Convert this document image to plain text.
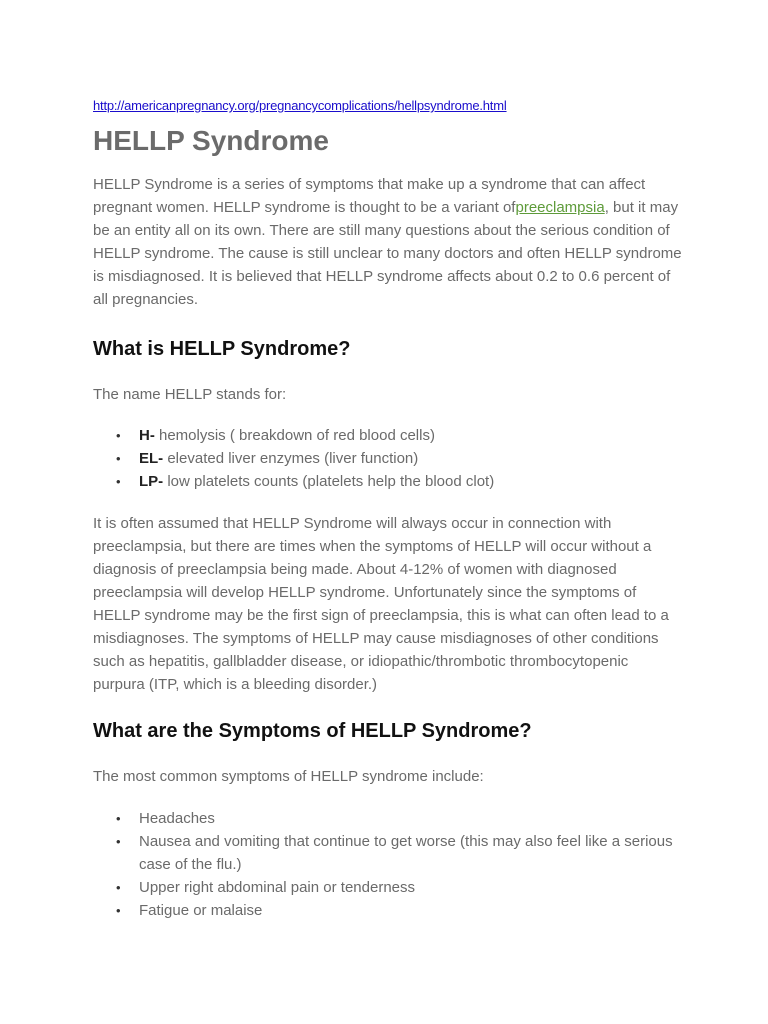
http://americanpregnancy.org/pregnancycomplications/hellpsyndrome.html
HELLP Syndrome

HELLP Syndrome is a series of symptoms that make up a syndrome that can affect pregnant women. HELLP syndrome is thought to be a variant ofpreeclampsia, but it may be an entity all on its own. There are still many questions about the serious condition of HELLP syndrome. The cause is still unclear to many doctors and often HELLP syndrome is misdiagnosed. It is believed that HELLP syndrome affects about 0.2 to 0.6 percent of all pregnancies.

What is HELLP Syndrome?

The name HELLP stands for:

• H- hemolysis ( breakdown of red blood cells)
• EL- elevated liver enzymes (liver function)
• LP- low platelets counts (platelets help the blood clot)

It is often assumed that HELLP Syndrome will always occur in connection with preeclampsia, but there are times when the symptoms of HELLP will occur without a diagnosis of preeclampsia being made. About 4-12% of women with diagnosed preeclampsia will develop HELLP syndrome. Unfortunately since the symptoms of HELLP syndrome may be the first sign of preeclampsia, this is what can often lead to a misdiagnoses. The symptoms of HELLP may cause misdiagnoses of other conditions such as hepatitis, gallbladder disease, or idiopathic/thrombotic thrombocytopenic purpura (ITP, which is a bleeding disorder.)

What are the Symptoms of HELLP Syndrome?

The most common symptoms of HELLP syndrome include:

• Headaches
• Nausea and vomiting that continue to get worse (this may also feel like a serious case of the flu.)
• Upper right abdominal pain or tenderness
• Fatigue or malaise
